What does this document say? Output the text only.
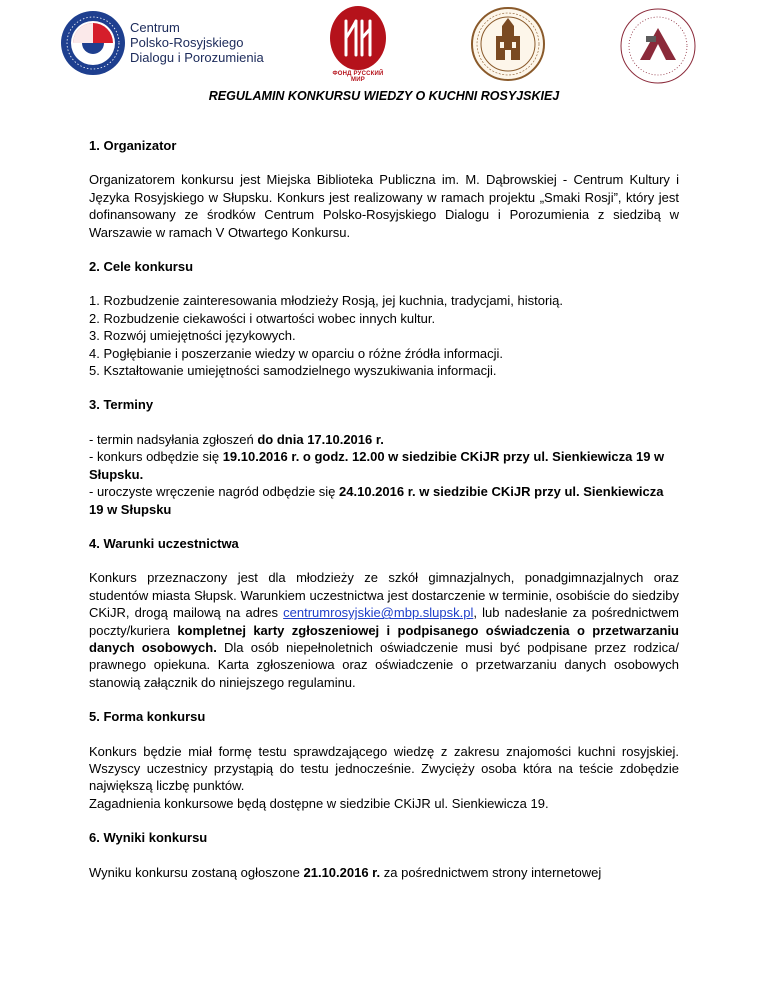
Centrum
Polsko-Rosyjskiego
Dialogu i Porozumienia
ФОНД РУССКИЙ МИР
REGULAMIN KONKURSU WIEDZY O KUCHNI ROSYJSKIEJ
1. Organizator

Organizatorem konkursu jest Miejska Biblioteka Publiczna im. M. Dąbrowskiej - Centrum Kultury i Języka Rosyjskiego w Słupsku. Konkurs jest realizowany w ramach projektu „Smaki Rosji”, który jest dofinansowany ze środków Centrum Polsko-Rosyjskiego Dialogu i Porozumienia z siedzibą w Warszawie w ramach V Otwartego Konkursu.

2. Cele konkursu
1. Rozbudzenie zainteresowania młodzieży Rosją, jej kuchnia, tradycjami, historią.
2. Rozbudzenie ciekawości i otwartości wobec innych kultur.
3. Rozwój umiejętności językowych.
4. Pogłębianie i poszerzanie wiedzy w oparciu o różne źródła informacji.
5. Kształtowanie umiejętności samodzielnego wyszukiwania informacji.
3. Terminy
- termin nadsyłania zgłoszeń do dnia 17.10.2016 r.
- konkurs odbędzie się 19.10.2016 r. o godz. 12.00 w siedzibie CKiJR przy ul. Sienkiewicza 19 w Słupsku.
- uroczyste wręczenie nagród odbędzie się 24.10.2016 r. w siedzibie CKiJR przy ul. Sienkiewicza 19 w Słupsku
4. Warunki uczestnictwa

Konkurs przeznaczony jest dla młodzieży ze szkół gimnazjalnych, ponadgimnazjalnych oraz studentów miasta Słupsk. Warunkiem uczestnictwa jest dostarczenie w terminie, osobiście do siedziby CKiJR, drogą mailową na adres centrumrosyjskie@mbp.slupsk.pl, lub nadesłanie za pośrednictwem poczty/kuriera kompletnej karty zgłoszeniowej i podpisanego oświadczenia o przetwarzaniu danych osobowych. Dla osób niepełnoletnich oświadczenie musi być podpisane przez rodzica/ prawnego opiekuna. Karta zgłoszeniowa oraz oświadczenie o przetwarzaniu danych osobowych stanowią załącznik do niniejszego regulaminu.

5. Forma konkursu

Konkurs będzie miał formę testu sprawdzającego wiedzę z zakresu znajomości kuchni rosyjskiej. Wszyscy uczestnicy przystąpią do testu jednocześnie. Zwycięży osoba która na teście zdobędzie największą liczbę punktów.

Zagadnienia konkursowe będą dostępne w siedzibie CKiJR ul. Sienkiewicza 19.

6. Wyniki konkursu

Wyniku konkursu zostaną ogłoszone 21.10.2016 r. za pośrednictwem strony internetowej
